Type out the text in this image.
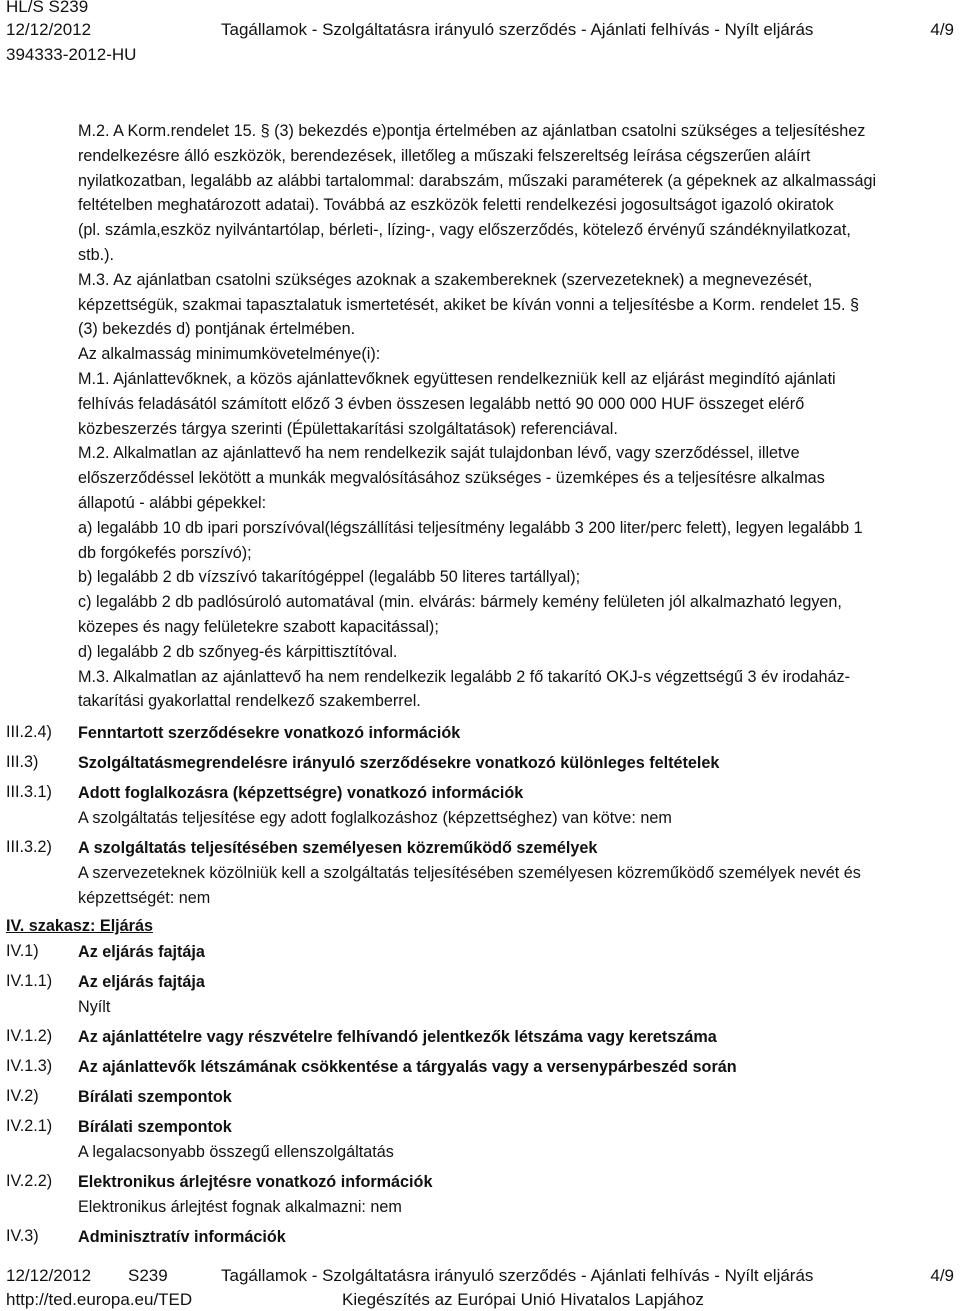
HL/S S239
12/12/2012	Tagállamok - Szolgáltatásra irányuló szerződés - Ajánlati felhívás - Nyílt eljárás	4/9
394333-2012-HU

M.2. A Korm.rendelet 15. § (3) bekezdés e)pontja értelmében az ajánlatban csatolni szükséges a teljesítéshez

rendelkezésre álló eszközök, berendezések, illetőleg a műszaki felszereltség leírása cégszerűen aláírt

nyilatkozatban, legalább az alábbi tartalommal: darabszám, műszaki paraméterek (a gépeknek az alkalmassági

feltételben meghatározott adatai). Továbbá az eszközök feletti rendelkezési jogosultságot igazoló okiratok

(pl. számla,eszköz nyilvántartólap, bérleti-, lízing-, vagy előszerződés, kötelező érvényű szándéknyilatkozat,

stb.).

M.3. Az ajánlatban csatolni szükséges azoknak a szakembereknek (szervezeteknek) a megnevezését,

képzettségük, szakmai tapasztalatuk ismertetését, akiket be kíván vonni a teljesítésbe a Korm. rendelet 15. §

(3) bekezdés d) pontjának értelmében.

Az alkalmasság minimumkövetelménye(i):

M.1. Ajánlattevőknek, a közös ajánlattevőknek együttesen rendelkezniük kell az eljárást megindító ajánlati

felhívás feladásától számított előző 3 évben összesen legalább nettó 90 000 000 HUF összeget elérő

közbeszerzés tárgya szerinti (Épülettakarítási szolgáltatások) referenciával.

M.2. Alkalmatlan az ajánlattevő ha nem rendelkezik saját tulajdonban lévő, vagy szerződéssel, illetve

előszerződéssel lekötött a munkák megvalósításához szükséges - üzemképes és a teljesítésre alkalmas

állapotú - alábbi gépekkel:

a) legalább 10 db ipari porszívóval(légszállítási teljesítmény legalább 3 200 liter/perc felett), legyen legalább 1

db forgókefés porszívó);

b) legalább 2 db vízszívó takarítógéppel (legalább 50 literes tartállyal);

c) legalább 2 db padlósúroló automatával (min. elvárás: bármely kemény felületen jól alkalmazható legyen,

közepes és nagy felületekre szabott kapacitással);

d) legalább 2 db szőnyeg-és kárpittisztítóval.

M.3. Alkalmatlan az ajánlattevő ha nem rendelkezik legalább 2 fő takarító OKJ-s végzettségű 3 év irodaház-

takarítási gyakorlattal rendelkező szakemberrel.

III.2.4) Fenntartott szerződésekre vonatkozó információk
III.3) Szolgáltatásmegrendelésre irányuló szerződésekre vonatkozó különleges feltételek
III.3.1) Adott foglalkozásra (képzettségre) vonatkozó információk
A szolgáltatás teljesítése egy adott foglalkozáshoz (képzettséghez) van kötve: nem
III.3.2) A szolgáltatás teljesítésében személyesen közreműködő személyek
A szervezeteknek közölniük kell a szolgáltatás teljesítésében személyesen közreműködő személyek nevét és
képzettségét: nem
IV. szakasz: Eljárás
IV.1) Az eljárás fajtája
IV.1.1) Az eljárás fajtája
Nyílt
IV.1.2) Az ajánlattételre vagy részvételre felhívandó jelentkezők létszáma vagy keretszáma
IV.1.3) Az ajánlattevők létszámának csökkentése a tárgyalás vagy a versenypárbeszéd során
IV.2) Bírálati szempontok
IV.2.1) Bírálati szempontok
A legalacsonyabb összegű ellenszolgáltatás
IV.2.2) Elektronikus árlejtésre vonatkozó információk
Elektronikus árlejtést fognak alkalmazni: nem
IV.3) Adminisztratív információk
12/12/2012 S239	Tagállamok - Szolgáltatásra irányuló szerződés - Ajánlati felhívás - Nyílt eljárás	4/9
http://ted.europa.eu/TED	Kiegészítés az Európai Unió Hivatalos Lapjához
